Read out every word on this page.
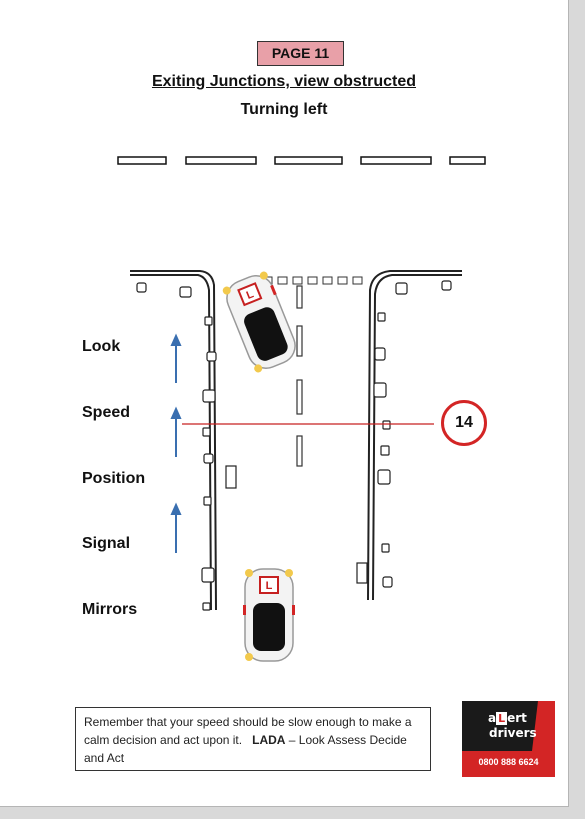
PAGE 11
Exiting Junctions, view obstructed
Turning left
L
L
Look
Speed
Position
Signal
Mirrors
14
Remember that your speed should be slow enough to make a calm decision and act upon it. LADA – Look Assess Decide and Act
a L ert
drivers
0800 888 6624
